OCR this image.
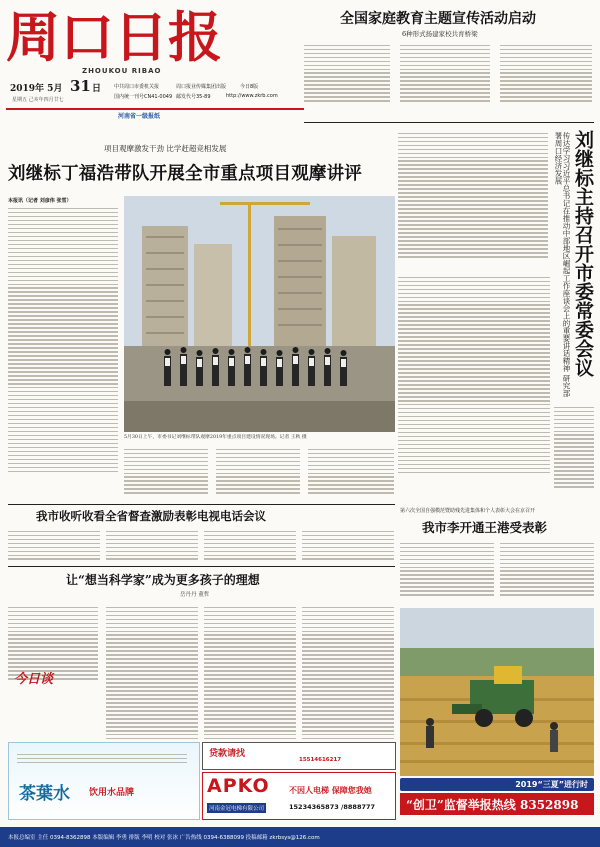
周口日报
ZHOUKOU RIBAO
2019年 5月 31 日
星期五 己亥年四月廿七
中共周口市委机关报	周口报业传媒集团出版	今日8版
国内统一刊号CN41-0049 邮发代号35-89	http://www.zkrb.com
河南省一级报纸
全国家庭教育主题宣传活动启动
6种形式扬建家校共育桥梁
项目观摩激发干劲 比学赶超竞相发展
刘继标丁福浩带队开展全市重点项目观摩讲评
本报讯（记者 刘彦伟 张雪）
5月30日上午，市委书记刘继标带队观摩2019年重点项目建设情况现场。记者 王秋 摄
刘继标主持召开市委常委会议
传达学习习近平总书记在推动中部地区崛起工作座谈会上的重要讲话精神 研究部署周口经济发展
我市收听收看全省督查激励表彰电视电话会议	第六次全国自强模范暨助残先进集体和个人表彰大会在京召开
我市李开通王港受表彰
2019“三夏”进行时
“创卫”监督举报热线 8352898
让“想当科学家”成为更多孩子的理想
岳丹丹 董哲
今日谈
茶葉水 饮用水品牌
贷款请找
15514616217
APKO 不因人电梯 保障您我她
河南金冠电梯有限公司	15234365873 /8888777
本报总编室 主任 0394-8362898 本版编辑 李勇 排版 李明 校对 张冰 广告热线 0394-6388099 投稿邮箱 zkrbsys@126.com
